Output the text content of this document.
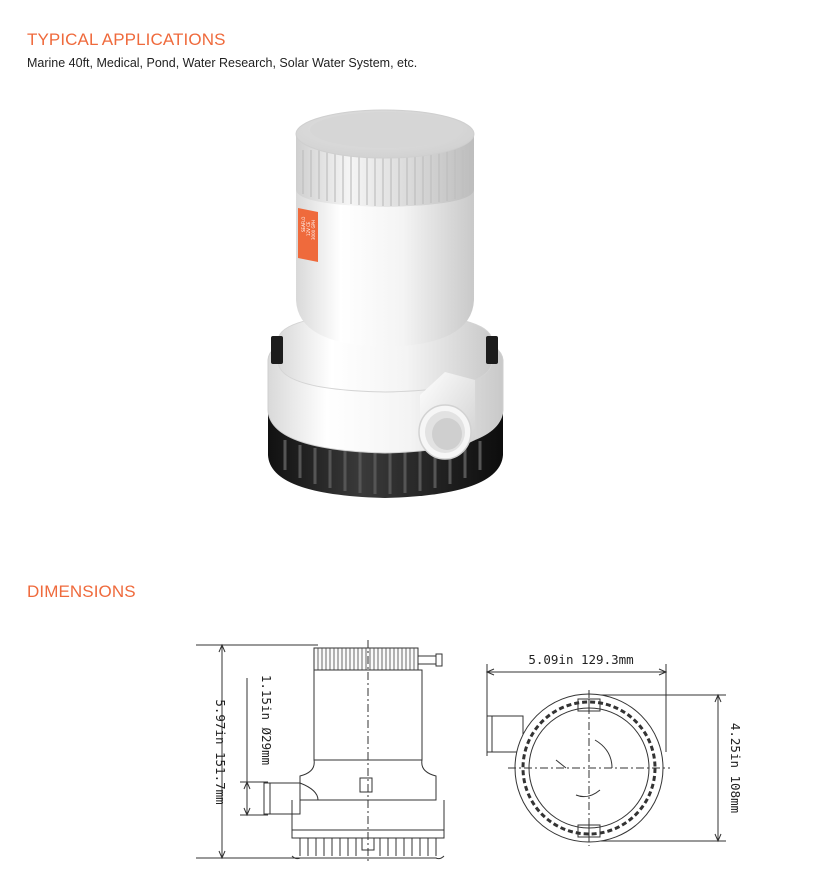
TYPICAL APPLICATIONS

Marine 40ft, Medical, Pond, Water Research, Solar Water System, etc.

SEAFLO 12V CE 3000 GPH
DIMENSIONS
5.97in 151.7mm 1.15in Ø29mm
5.09in 129.3mm
4.25in 108mm
